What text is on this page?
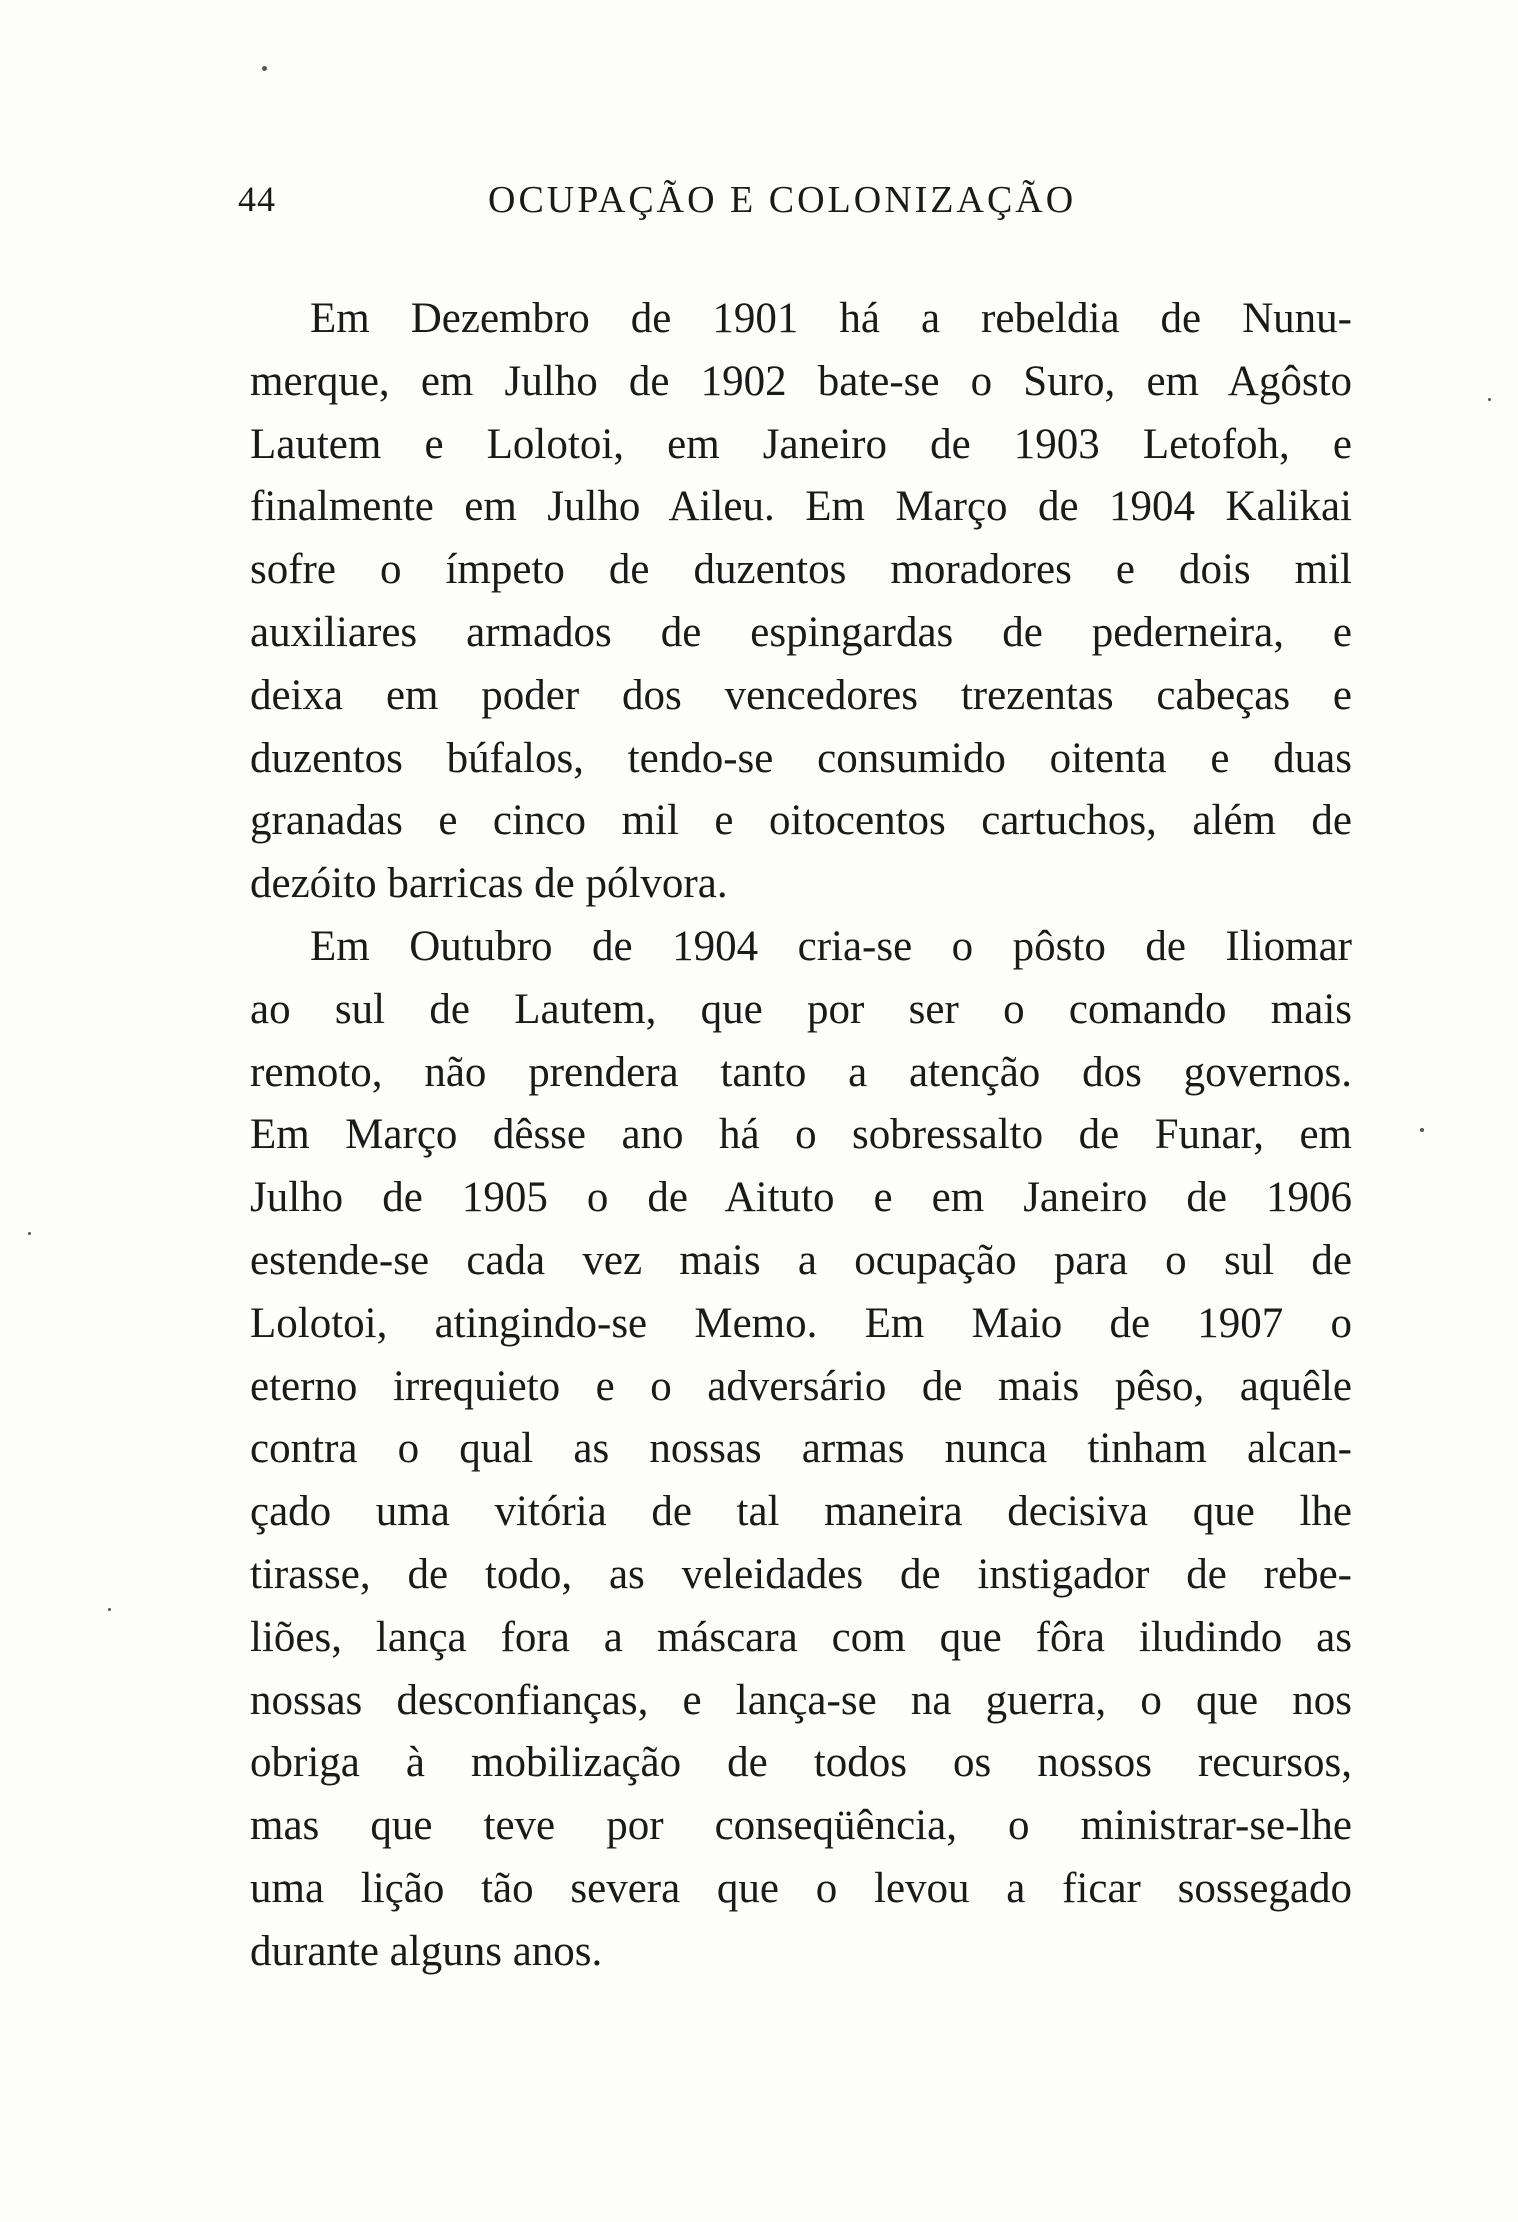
44	OCUPAÇÃO E COLONIZAÇÃO
Em Dezembro de 1901 há a rebeldia de Nunu-
merque, em Julho de 1902 bate-se o Suro, em Agôsto
Lautem e Lolotoi, em Janeiro de 1903 Letofoh, e
finalmente em Julho Aileu. Em Março de 1904 Kalikai
sofre o ímpeto de duzentos moradores e dois mil
auxiliares armados de espingardas de pederneira, e
deixa em poder dos vencedores trezentas cabeças e
duzentos búfalos, tendo-se consumido oitenta e duas
granadas e cinco mil e oitocentos cartuchos, além de
dezóito barricas de pólvora.
Em Outubro de 1904 cria-se o pôsto de Iliomar
ao sul de Lautem, que por ser o comando mais
remoto, não prendera tanto a atenção dos governos.
Em Março dêsse ano há o sobressalto de Funar, em
Julho de 1905 o de Aituto e em Janeiro de 1906
estende-se cada vez mais a ocupação para o sul de
Lolotoi, atingindo-se Memo. Em Maio de 1907 o
eterno irrequieto e o adversário de mais pêso, aquêle
contra o qual as nossas armas nunca tinham alcan-
çado uma vitória de tal maneira decisiva que lhe
tirasse, de todo, as veleidades de instigador de rebe-
liões, lança fora a máscara com que fôra iludindo as
nossas desconfianças, e lança-se na guerra, o que nos
obriga à mobilização de todos os nossos recursos,
mas que teve por conseqüência, o ministrar-se-lhe
uma lição tão severa que o levou a ficar sossegado
durante alguns anos.
